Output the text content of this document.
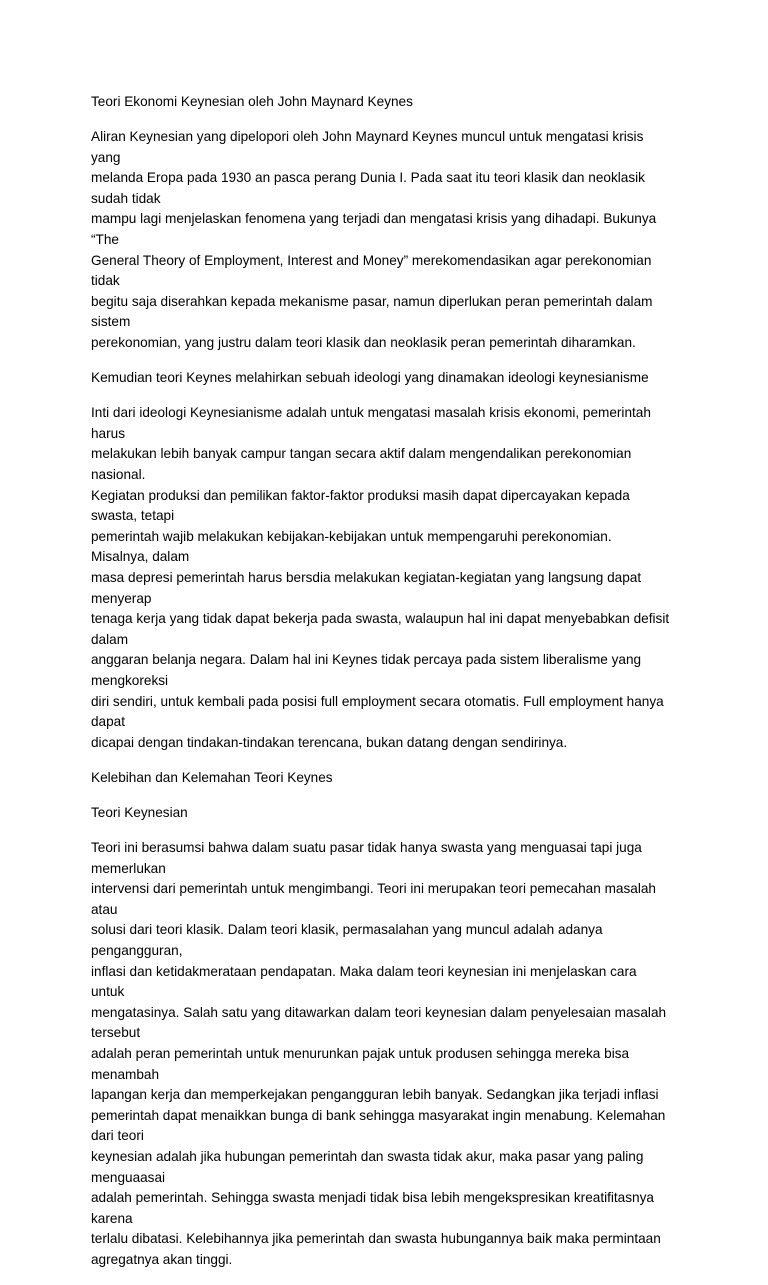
Teori Ekonomi Keynesian oleh John Maynard Keynes

Aliran Keynesian yang dipelopori oleh John Maynard Keynes muncul untuk mengatasi krisis yang
melanda Eropa pada 1930 an pasca perang Dunia I. Pada saat itu teori klasik dan neoklasik sudah tidak
mampu lagi menjelaskan fenomena yang terjadi dan mengatasi krisis yang dihadapi. Bukunya “The
General Theory of Employment, Interest and Money” merekomendasikan agar perekonomian tidak
begitu saja diserahkan kepada mekanisme pasar, namun diperlukan peran pemerintah dalam sistem
perekonomian, yang justru dalam teori klasik dan neoklasik peran pemerintah diharamkan.

Kemudian teori Keynes melahirkan sebuah ideologi yang dinamakan ideologi keynesianisme

Inti dari ideologi Keynesianisme adalah untuk mengatasi masalah krisis ekonomi, pemerintah harus
melakukan lebih banyak campur tangan secara aktif dalam mengendalikan perekonomian nasional.
Kegiatan produksi dan pemilikan faktor-faktor produksi masih dapat dipercayakan kepada swasta, tetapi
pemerintah wajib melakukan kebijakan-kebijakan untuk mempengaruhi perekonomian. Misalnya, dalam
masa depresi pemerintah harus bersdia melakukan kegiatan-kegiatan yang langsung dapat menyerap
tenaga kerja yang tidak dapat bekerja pada swasta, walaupun hal ini dapat menyebabkan defisit dalam
anggaran belanja negara. Dalam hal ini Keynes tidak percaya pada sistem liberalisme yang mengkoreksi
diri sendiri, untuk kembali pada posisi full employment secara otomatis. Full employment hanya dapat
dicapai dengan tindakan-tindakan terencana, bukan datang dengan sendirinya.

Kelebihan dan Kelemahan Teori Keynes

Teori Keynesian

Teori ini berasumsi bahwa dalam suatu pasar tidak hanya swasta yang menguasai tapi juga memerlukan
intervensi dari pemerintah untuk mengimbangi. Teori ini merupakan teori pemecahan masalah atau
solusi dari teori klasik. Dalam teori klasik, permasalahan yang muncul adalah adanya pengangguran,
inflasi dan ketidakmerataan pendapatan. Maka dalam teori keynesian ini menjelaskan cara untuk
mengatasinya. Salah satu yang ditawarkan dalam teori keynesian dalam penyelesaian masalah tersebut
adalah peran pemerintah untuk menurunkan pajak untuk produsen sehingga mereka bisa menambah
lapangan kerja dan memperkejakan pengangguran lebih banyak. Sedangkan jika terjadi inflasi
pemerintah dapat menaikkan bunga di bank sehingga masyarakat ingin menabung. Kelemahan dari teori
keynesian adalah jika hubungan pemerintah dan swasta tidak akur, maka pasar yang paling menguaasai
adalah pemerintah. Sehingga swasta menjadi tidak bisa lebih mengekspresikan kreatifitasnya karena
terlalu dibatasi. Kelebihannya jika pemerintah dan swasta hubungannya baik maka permintaan
agregatnya akan tinggi.
